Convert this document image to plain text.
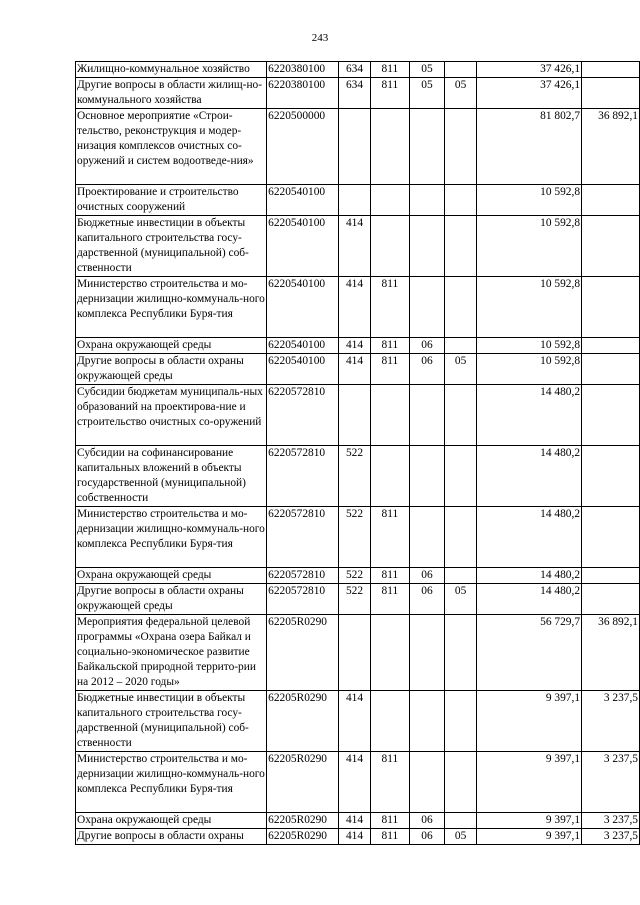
243
Жилищно-коммунальное хозяйство	6220380100	634	811	05		37 426,1	
Другие вопросы в области жилищ-но-коммунального хозяйства	6220380100	634	811	05	05	37 426,1	
Основное мероприятие «Строи-тельство, реконструкция и модер-низация комплексов очистных со-оружений и систем водоотведе-ния»	6220500000					81 802,7	36 892,1
Проектирование и строительство очистных сооружений	6220540100					10 592,8	
Бюджетные инвестиции в объекты капитального строительства госу-дарственной (муниципальной) соб-ственности	6220540100	414				10 592,8	
Министерство строительства и мо-дернизации жилищно-коммуналь-ного комплекса Республики Буря-тия	6220540100	414	811			10 592,8	
Охрана окружающей среды	6220540100	414	811	06		10 592,8	
Другие вопросы в области охраны окружающей среды	6220540100	414	811	06	05	10 592,8	
Субсидии бюджетам муниципаль-ных образований на проектирова-ние и строительство очистных со-оружений	6220572810					14 480,2	
Субсидии на софинансирование капитальных вложений в объекты государственной (муниципальной) собственности	6220572810	522				14 480,2	
Министерство строительства и мо-дернизации жилищно-коммуналь-ного комплекса Республики Буря-тия	6220572810	522	811			14 480,2	
Охрана окружающей среды	6220572810	522	811	06		14 480,2	
Другие вопросы в области охраны окружающей среды	6220572810	522	811	06	05	14 480,2	
Мероприятия федеральной целевой программы «Охрана озера Байкал и социально-экономическое развитие Байкальской природной террито-рии на 2012 – 2020 годы»	62205R0290					56 729,7	36 892,1
Бюджетные инвестиции в объекты капитального строительства госу-дарственной (муниципальной) соб-ственности	62205R0290	414				9 397,1	3 237,5
Министерство строительства и мо-дернизации жилищно-коммуналь-ного комплекса Республики Буря-тия	62205R0290	414	811			9 397,1	3 237,5
Охрана окружающей среды	62205R0290	414	811	06		9 397,1	3 237,5
Другие вопросы в области охраны	62205R0290	414	811	06	05	9 397,1	3 237,5
